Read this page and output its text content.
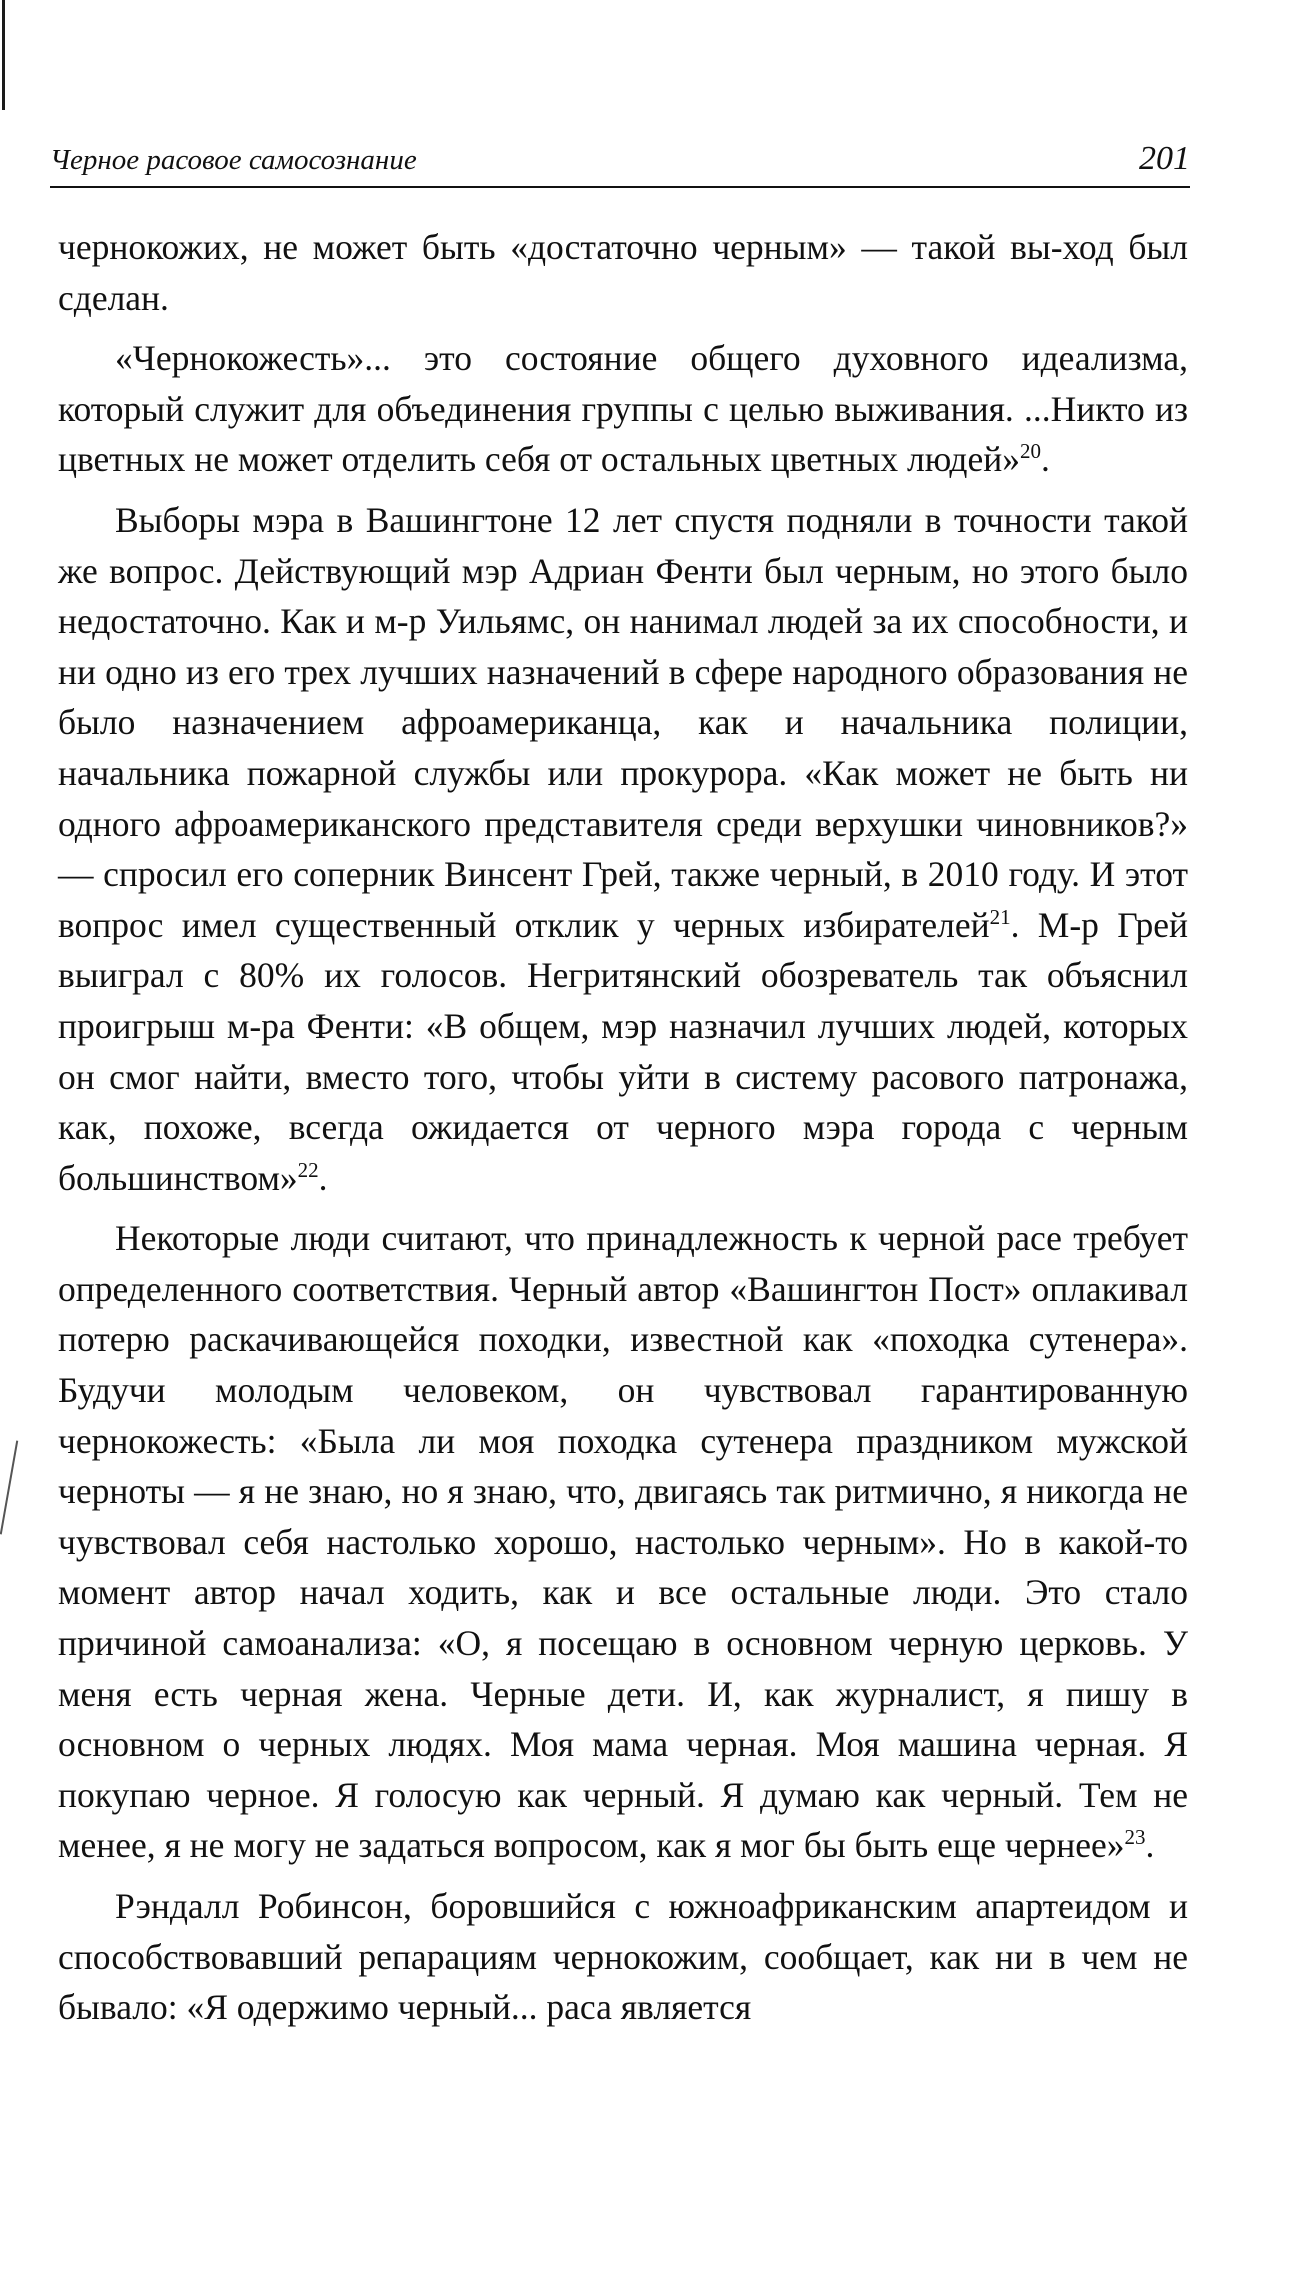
Черное расовое самосознание	201

чернокожих, не может быть «достаточно черным» — такой вы-ход был сделан.

«Чернокожесть»... это состояние общего духовного идеализма, который служит для объединения группы с целью выживания. ...Никто из цветных не может отделить себя от остальных цветных людей»$^{20}$.

Выборы мэра в Вашингтоне 12 лет спустя подняли в точности такой же вопрос. Действующий мэр Адриан Фенти был черным, но этого было недостаточно. Как и м-р Уильямс, он нанимал людей за их способности, и ни одно из его трех лучших назначений в сфере народного образования не было назначением афроамериканца, как и начальника полиции, начальника пожарной службы или прокурора. «Как может не быть ни одного афроамериканского представителя среди верхушки чиновников?» — спросил его соперник Винсент Грей, также черный, в 2010 году. И этот вопрос имел существенный отклик у черных избирателей$^{21}$. М-р Грей выиграл с 80% их голосов. Негритянский обозреватель так объяснил проигрыш м-ра Фенти: «В общем, мэр назначил лучших людей, которых он смог найти, вместо того, чтобы уйти в систему расового патронажа, как, похоже, всегда ожидается от черного мэра города с черным большинством»$^{22}$.

Некоторые люди считают, что принадлежность к черной расе требует определенного соответствия. Черный автор «Вашингтон Пост» оплакивал потерю раскачивающейся походки, известной как «походка сутенера». Будучи молодым человеком, он чувствовал гарантированную чернокожесть: «Была ли моя походка сутенера праздником мужской черноты — я не знаю, но я знаю, что, двигаясь так ритмично, я никогда не чувствовал себя настолько хорошо, настолько черным». Но в какой-то момент автор начал ходить, как и все остальные люди. Это стало причиной самоанализа: «О, я посещаю в основном черную церковь. У меня есть черная жена. Черные дети. И, как журналист, я пишу в основном о черных людях. Моя мама черная. Моя машина черная. Я покупаю черное. Я голосую как черный. Я думаю как черный. Тем не менее, я не могу не задаться вопросом, как я мог бы быть еще чернее»$^{23}$.

Рэндалл Робинсон, боровшийся с южноафриканским апартеидом и способствовавший репарациям чернокожим, сообщает, как ни в чем не бывало: «Я одержимо черный... раса является
